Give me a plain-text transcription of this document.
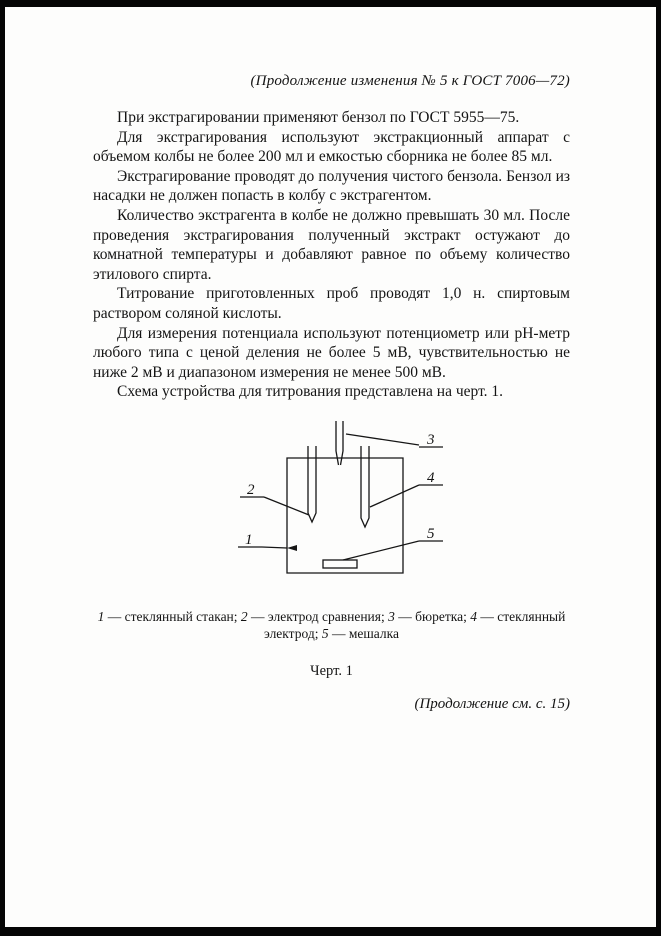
(Продолжение изменения № 5 к ГОСТ 7006—72)

При экстрагировании применяют бензол по ГОСТ 5955—75.

Для экстрагирования используют экстракционный аппарат с объемом колбы не более 200 мл и емкостью сборника не более 85 мл.

Экстрагирование проводят до получения чистого бензола. Бензол из насадки не должен попасть в колбу с экстрагентом.

Количество экстрагента в колбе не должно превышать 30 мл. После проведения экстрагирования полученный экстракт остужают до комнатной температуры и добавляют равное по объему количество этилового спирта.

Титрование приготовленных проб проводят 1,0 н. спиртовым раствором соляной кислоты.

Для измерения потенциала используют потенциометр или рН-метр любого типа с ценой деления не более 5 мВ, чувствительностью не ниже 2 мВ и диапазоном измерения не менее 500 мВ.

Схема устройства для титрования представлена на черт. 1.

3
4
2
1	5
1 — стеклянный стакан; 2 — электрод сравнения; 3 — бюретка; 4 — стеклянный электрод; 5 — мешалка
Черт. 1
(Продолжение см. с. 15)
